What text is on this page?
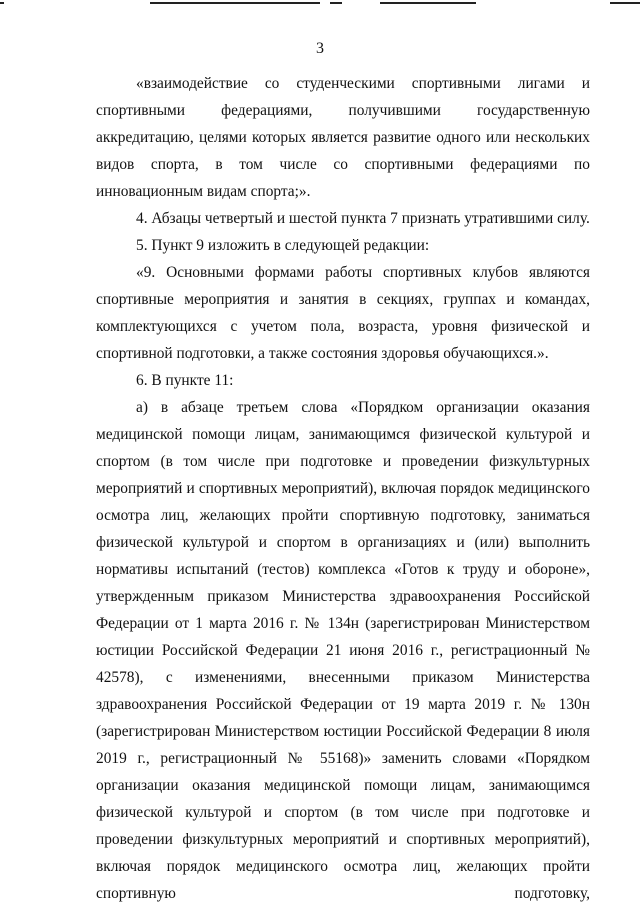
3

«взаимодействие со студенческими спортивными лигами и спортивными федерациями, получившими государственную аккредитацию, целями которых является развитие одного или нескольких видов спорта, в том числе со спортивными федерациями по инновационным видам спорта;».

4. Абзацы четвертый и шестой пункта 7 признать утратившими силу.

5. Пункт 9 изложить в следующей редакции:

«9. Основными формами работы спортивных клубов являются спортивные мероприятия и занятия в секциях, группах и командах, комплектующихся с учетом пола, возраста, уровня физической и спортивной подготовки, а также состояния здоровья обучающихся.».

6. В пункте 11:

а) в абзаце третьем слова «Порядком организации оказания медицинской помощи лицам, занимающимся физической культурой и спортом (в том числе при подготовке и проведении физкультурных мероприятий и спортивных мероприятий), включая порядок медицинского осмотра лиц, желающих пройти спортивную подготовку, заниматься физической культурой и спортом в организациях и (или) выполнить нормативы испытаний (тестов) комплекса «Готов к труду и обороне», утвержденным приказом Министерства здравоохранения Российской Федерации от 1 марта 2016 г. № 134н (зарегистрирован Министерством юстиции Российской Федерации 21 июня 2016 г., регистрационный № 42578), с изменениями, внесенными приказом Министерства здравоохранения Российской Федерации от 19 марта 2019 г. № 130н (зарегистрирован Министерством юстиции Российской Федерации 8 июля 2019 г., регистрационный № 55168)» заменить словами «Порядком организации оказания медицинской помощи лицам, занимающимся физической культурой и спортом (в том числе при подготовке и проведении физкультурных мероприятий и спортивных мероприятий), включая порядок медицинского осмотра лиц, желающих пройти спортивную подготовку,
